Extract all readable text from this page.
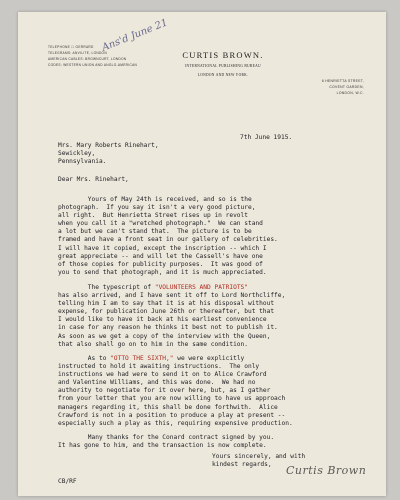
TELEPHONE ☐ GERRARD
TELEGRAMS: ANVILITE, LONDON
AMERICAN CABLES: BROWNCURT, LONDON
CODES: WESTERN UNION AND ANGLO-AMERICAN
Ans'd June 21
CURTIS BROWN.
INTERNATIONAL PUBLISHING BUREAU
LONDON AND NEW YORK.
6 HENRIETTA STREET,
COVENT GARDEN,
LONDON, W.C.
7th June 1915.
Mrs. Mary Roberts Rinehart,
Sewickley,
Pennsylvania.
Dear Mrs. Rinehart,
Yours of May 24th is received, and so is the
photograph.  If you say it isn't a very good picture,
all right.  But Henrietta Street rises up in revolt
when you call it a "wretched photograph."  We can stand
a lot but we can't stand that.  The picture is to be
framed and have a front seat in our gallery of celebrities.
I will have it copied, except the inscription -- which I
great appreciate -- and will let the Cassell's have one
of those copies for publicity purposes.  It was good of
you to send that photograph, and it is much appreciated.
The typescript of "VOLUNTEERS AND PATRIOTS"
has also arrived, and I have sent it off to Lord Northcliffe,
telling him I am to say that it is at his disposal without
expense, for publication June 26th or thereafter, but that
I would like to have it back at his earliest convenience
in case for any reason he thinks it best not to publish it.
As soon as we get a copy of the interview with the Queen,
that also shall go on to him in the same condition.
As to "OTTO THE SIXTH," we were explicitly
instructed to hold it awaiting instructions.  The only
instructions we had were to send it on to Alice Crawford
and Valentine Williams, and this was done.  We had no
authority to negotiate for it over here, but, as I gather
from your letter that you are now willing to have us approach
managers regarding it, this shall be done forthwith.  Alice
Crawford is not in a position to produce a play at present --
especially such a play as this, requiring expensive production.
Many thanks for the Conard contract signed by you.
It has gone to him, and the transaction is now complete.
Yours sincerely, and with
kindest regards,	Curtis Brown
CB/RF
